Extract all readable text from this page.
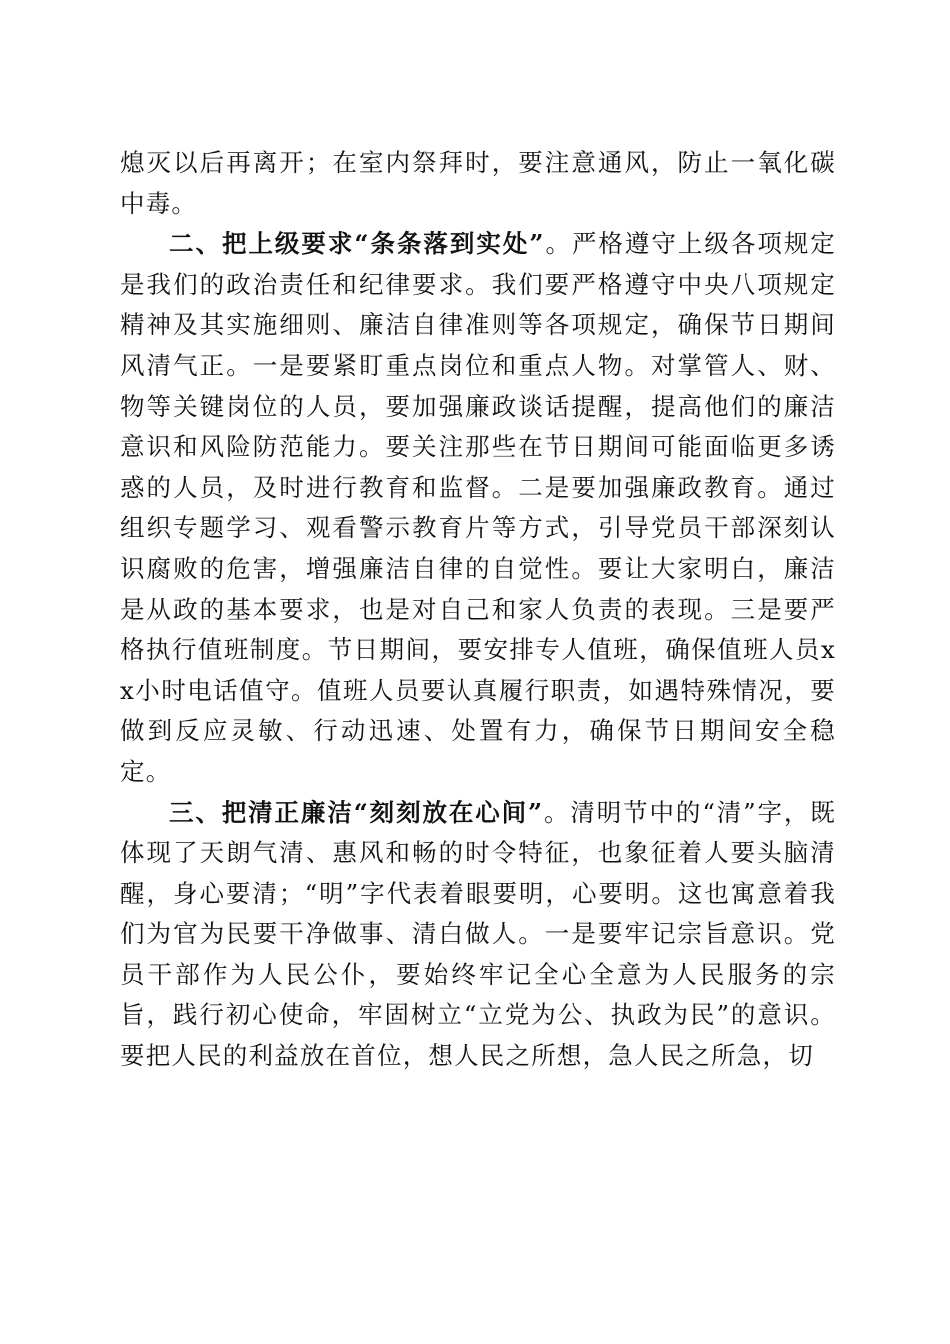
熄灭以后再离开；在室内祭拜时，要注意通风，防止一氧化碳中毒。

二、把上级要求“条条落到实处”。严格遵守上级各项规定是我们的政治责任和纪律要求。我们要严格遵守中央八项规定精神及其实施细则、廉洁自律准则等各项规定，确保节日期间风清气正。一是要紧盯重点岗位和重点人物。对掌管人、财、物等关键岗位的人员，要加强廉政谈话提醒，提高他们的廉洁意识和风险防范能力。要关注那些在节日期间可能面临更多诱惑的人员，及时进行教育和监督。二是要加强廉政教育。通过组织专题学习、观看警示教育片等方式，引导党员干部深刻认识腐败的危害，增强廉洁自律的自觉性。要让大家明白，廉洁是从政的基本要求，也是对自己和家人负责的表现。三是要严格执行值班制度。节日期间，要安排专人值班，确保值班人员xx小时电话值守。值班人员要认真履行职责，如遇特殊情况，要做到反应灵敏、行动迅速、处置有力，确保节日期间安全稳定。

三、把清正廉洁“刻刻放在心间”。清明节中的“清”字，既体现了天朗气清、惠风和畅的时令特征，也象征着人要头脑清醒，身心要清；“明”字代表着眼要明，心要明。这也寓意着我们为官为民要干净做事、清白做人。一是要牢记宗旨意识。党员干部作为人民公仆，要始终牢记全心全意为人民服务的宗旨，践行初心使命，牢固树立“立党为公、执政为民”的意识。要把人民的利益放在首位，想人民之所想，急人民之所急，切
